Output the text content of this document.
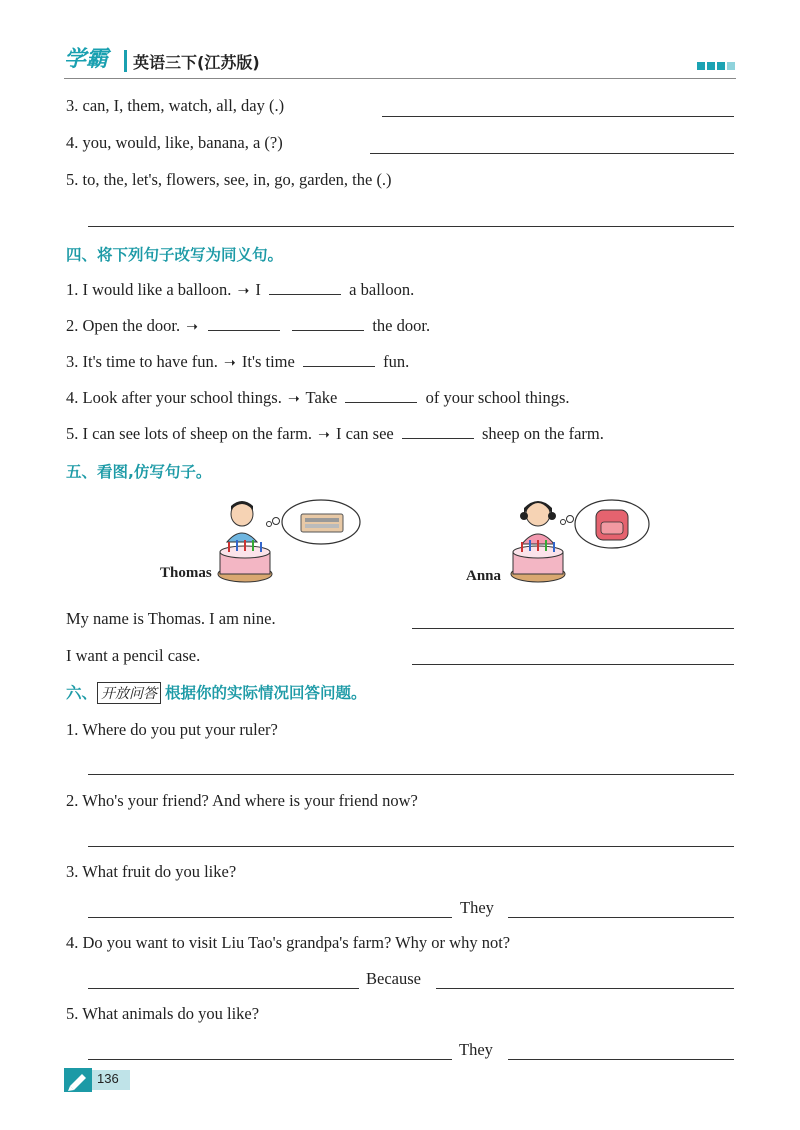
学霸 英语三下(江苏版)
3. can, I, them, watch, all, day (.)
4. you, would, like, banana, a (?)
5. to, the, let's, flowers, see, in, go, garden, the (.)
四、将下列句子改写为同义句。
1. I would like a balloon. ➝ I	a balloon.
2. Open the door. ➝	the door.
3. It's time to have fun. ➝ It's time	fun.
4. Look after your school things. ➝ Take	of your school things.
5. I can see lots of sheep on the farm. ➝ I can see	sheep on the farm.
五、看图,仿写句子。
Thomas	Anna
My name is Thomas. I am nine.
I want a pencil case.
六、 开放问答 根据你的实际情况回答问题。
1. Where do you put your ruler?
2. Who's your friend? And where is your friend now?
3. What fruit do you like?
They
4. Do you want to visit Liu Tao's grandpa's farm? Why or why not?
Because
5. What animals do you like?
They
136
